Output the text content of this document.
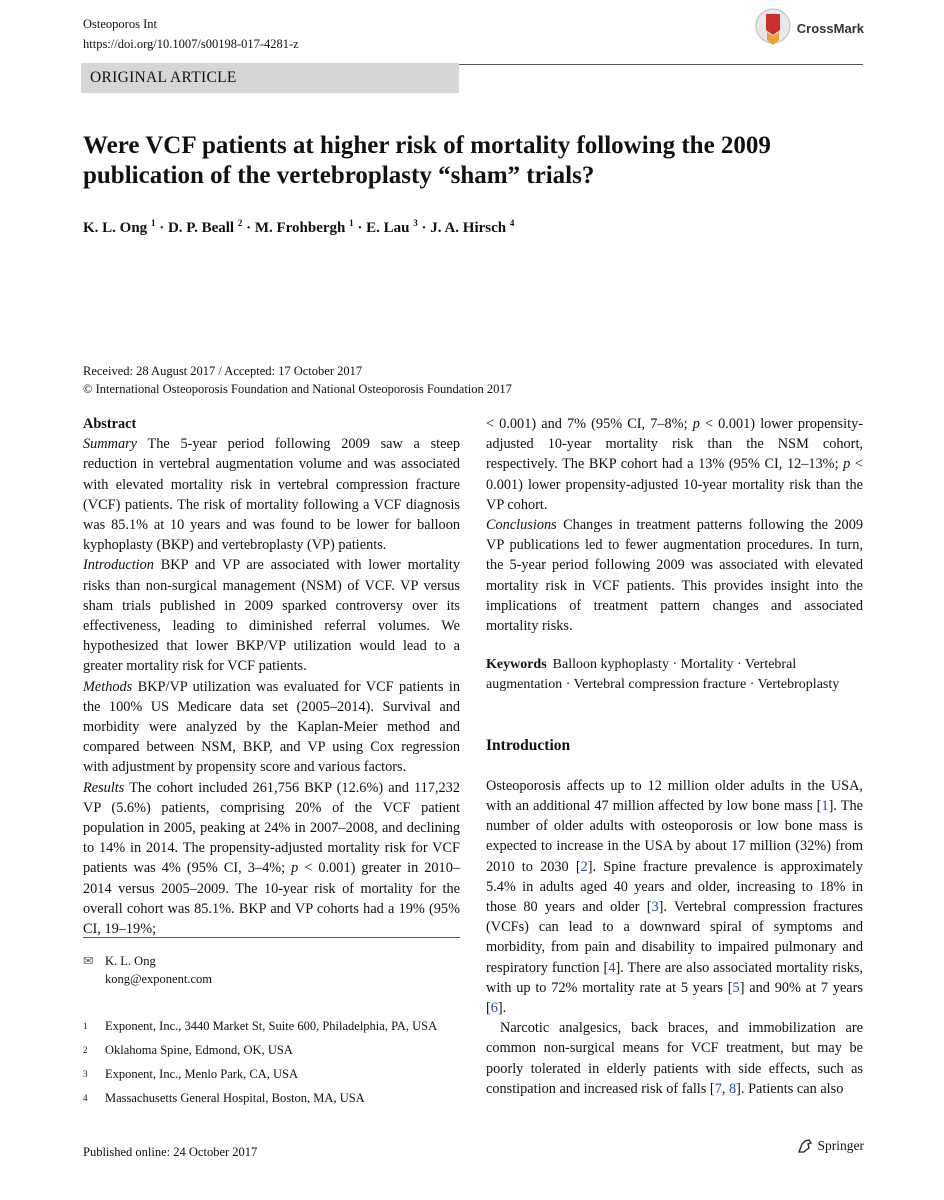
Osteoporos Int
https://doi.org/10.1007/s00198-017-4281-z
CrossMark
ORIGINAL ARTICLE
Were VCF patients at higher risk of mortality following the 2009 publication of the vertebroplasty “sham” trials?
K. L. Ong $^1$ · D. P. Beall $^2$ · M. Frohbergh $^1$ · E. Lau $^3$ · J. A. Hirsch $^4$
Received: 28 August 2017 / Accepted: 17 October 2017
© International Osteoporosis Foundation and National Osteoporosis Foundation 2017

Abstract

Summary The 5-year period following 2009 saw a steep reduction in vertebral augmentation volume and was associated with elevated mortality risk in vertebral compression fracture (VCF) patients. The risk of mortality following a VCF diagnosis was 85.1% at 10 years and was found to be lower for balloon kyphoplasty (BKP) and vertebroplasty (VP) patients.

Introduction BKP and VP are associated with lower mortality risks than non-surgical management (NSM) of VCF. VP versus sham trials published in 2009 sparked controversy over its effectiveness, leading to diminished referral volumes. We hypothesized that lower BKP/VP utilization would lead to a greater mortality risk for VCF patients.

Methods BKP/VP utilization was evaluated for VCF patients in the 100% US Medicare data set (2005–2014). Survival and morbidity were analyzed by the Kaplan-Meier method and compared between NSM, BKP, and VP using Cox regression with adjustment by propensity score and various factors.

Results The cohort included 261,756 BKP (12.6%) and 117,232 VP (5.6%) patients, comprising 20% of the VCF patient population in 2005, peaking at 24% in 2007–2008, and declining to 14% in 2014. The propensity-adjusted mortality risk for VCF patients was 4% (95% CI, 3–4%; p < 0.001) greater in 2010–2014 versus 2005–2009. The 10-year risk of mortality for the overall cohort was 85.1%. BKP and VP cohorts had a 19% (95% CI, 19–19%;

✉ K. L. Ong
kong@exponent.com
1 Exponent, Inc., 3440 Market St, Suite 600, Philadelphia, PA, USA
2 Oklahoma Spine, Edmond, OK, USA
3 Exponent, Inc., Menlo Park, CA, USA
4 Massachusetts General Hospital, Boston, MA, USA

< 0.001) and 7% (95% CI, 7–8%; p < 0.001) lower propensity-adjusted 10-year mortality risk than the NSM cohort, respectively. The BKP cohort had a 13% (95% CI, 12–13%; p < 0.001) lower propensity-adjusted 10-year mortality risk than the VP cohort.

Conclusions Changes in treatment patterns following the 2009 VP publications led to fewer augmentation procedures. In turn, the 5-year period following 2009 was associated with elevated mortality risk in VCF patients. This provides insight into the implications of treatment pattern changes and associated mortality risks.

Keywords Balloon kyphoplasty · Mortality · Vertebral augmentation · Vertebral compression fracture · Vertebroplasty

Introduction

Osteoporosis affects up to 12 million older adults in the USA, with an additional 47 million affected by low bone mass [1]. The number of older adults with osteoporosis or low bone mass is expected to increase in the USA by about 17 million (32%) from 2010 to 2030 [2]. Spine fracture prevalence is approximately 5.4% in adults aged 40 years and older, increasing to 18% in those 80 years and older [3]. Vertebral compression fractures (VCFs) can lead to a downward spiral of symptoms and morbidity, from pain and disability to impaired pulmonary and respiratory function [4]. There are also associated mortality risks, with up to 72% mortality rate at 5 years [5] and 90% at 7 years [6].

Narcotic analgesics, back braces, and immobilization are common non-surgical means for VCF treatment, but may be poorly tolerated in elderly patients with side effects, such as constipation and increased risk of falls [7, 8]. Patients can also

Published online: 24 October 2017	Springer
